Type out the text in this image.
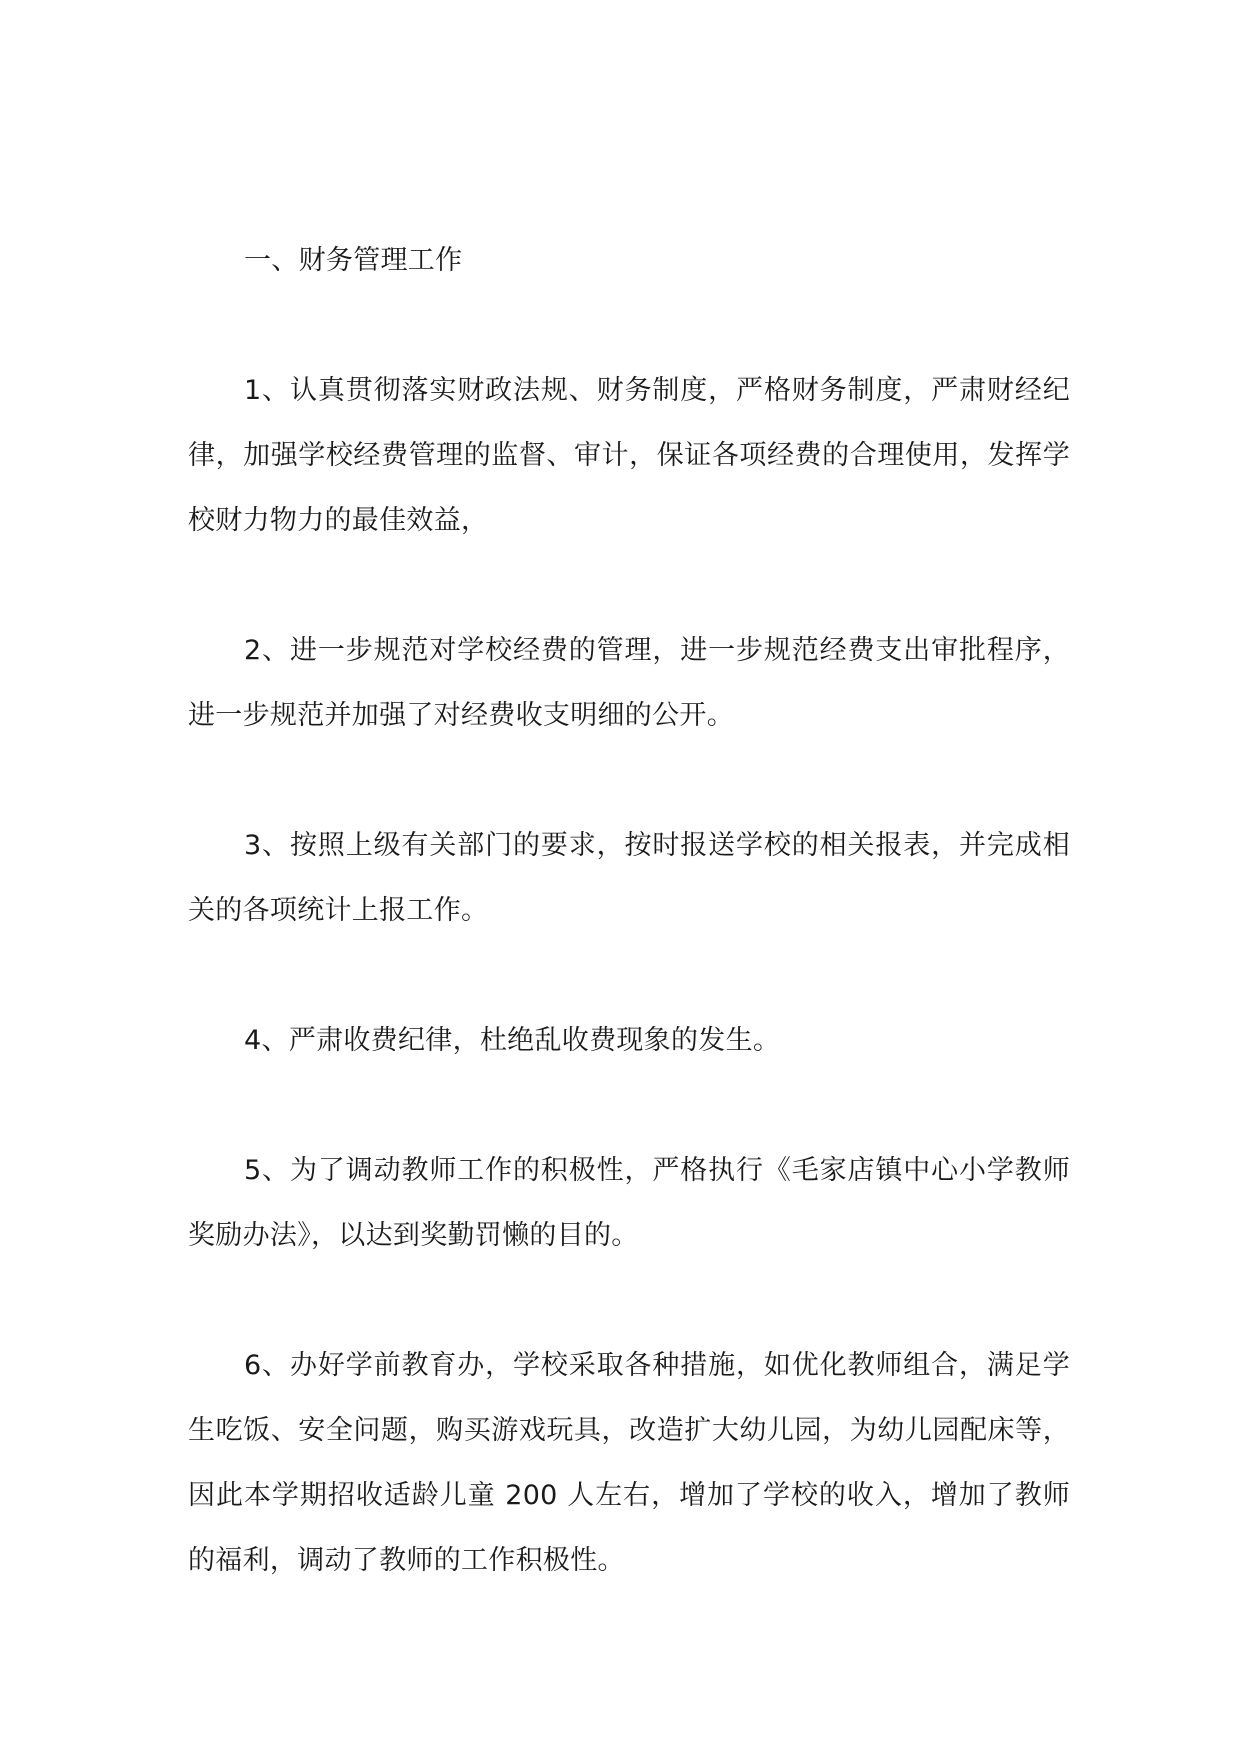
一、财务管理工作

1、认真贯彻落实财政法规、财务制度，严格财务制度，严肃财经纪律，加强学校经费管理的监督、审计，保证各项经费的合理使用，发挥学校财力物力的最佳效益，

2、进一步规范对学校经费的管理，进一步规范经费支出审批程序，进一步规范并加强了对经费收支明细的公开。

3、按照上级有关部门的要求，按时报送学校的相关报表，并完成相关的各项统计上报工作。

4、严肃收费纪律，杜绝乱收费现象的发生。

5、为了调动教师工作的积极性，严格执行《毛家店镇中心小学教师奖励办法》，以达到奖勤罚懒的目的。

6、办好学前教育办，学校采取各种措施，如优化教师组合，满足学生吃饭、安全问题，购买游戏玩具，改造扩大幼儿园，为幼儿园配床等，因此本学期招收适龄儿童 200 人左右，增加了学校的收入，增加了教师的福利，调动了教师的工作积极性。
